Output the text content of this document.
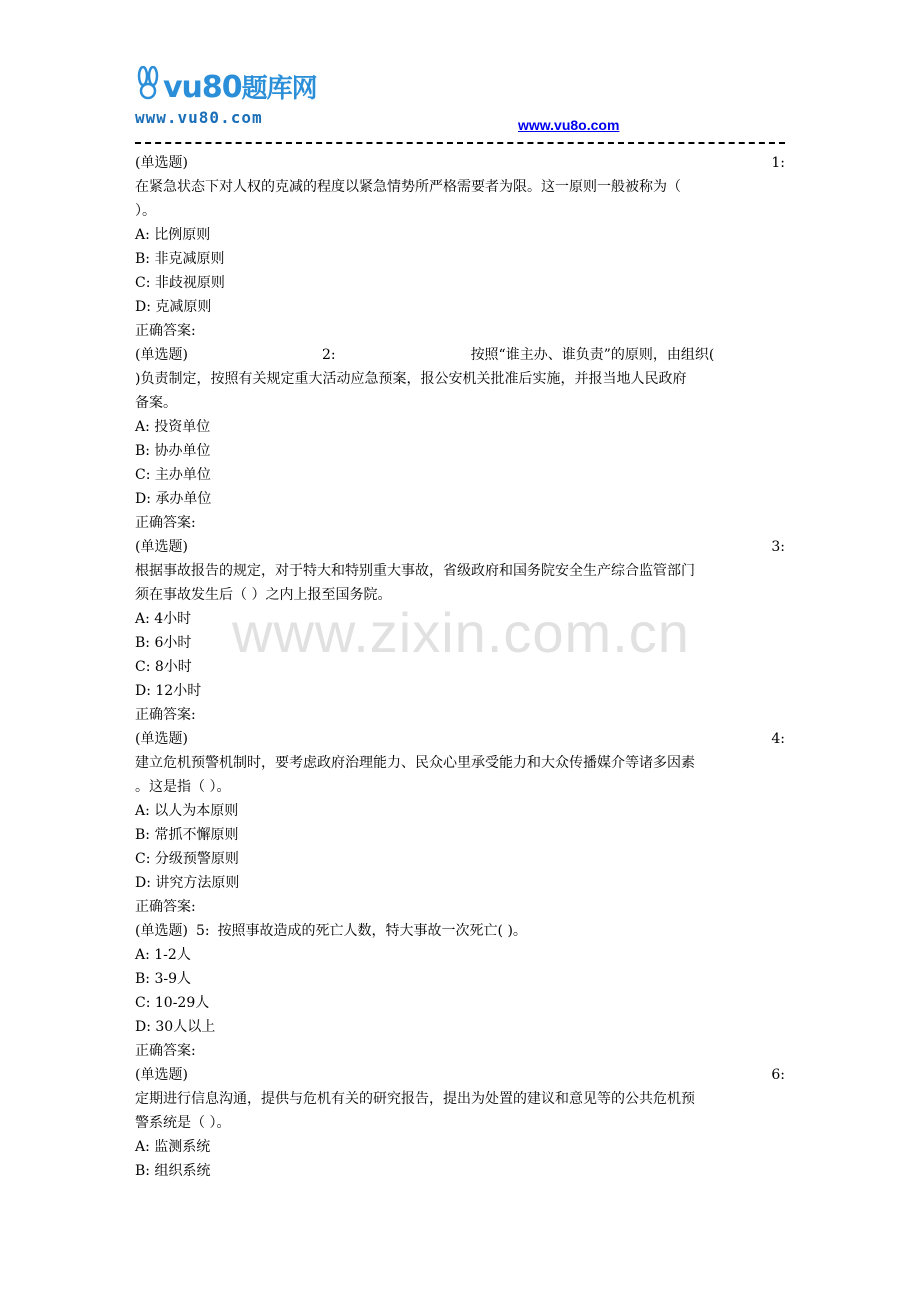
vu80题库网
www.vu80.com	www.vu8o.com
www.zixin.com.cn
(单选题)	1:
在紧急状态下对人权的克减的程度以紧急情势所严格需要者为限。这一原则一般被称为（
）。
A: 比例原则
B: 非克减原则
C: 非歧视原则
D: 克减原则
正确答案:
(单选题)	2:	按照“谁主办、谁负责”的原则，由组织(
)负责制定，按照有关规定重大活动应急预案，报公安机关批准后实施，并报当地人民政府
备案。
A: 投资单位
B: 协办单位
C: 主办单位
D: 承办单位
正确答案:
(单选题)	3:
根据事故报告的规定，对于特大和特别重大事故，省级政府和国务院安全生产综合监管部门
须在事故发生后（ ）之内上报至国务院。
A: 4小时
B: 6小时
C: 8小时
D: 12小时
正确答案:
(单选题)	4:
建立危机预警机制时，要考虑政府治理能力、民众心里承受能力和大众传播媒介等诸多因素
。这是指（ ）。
A: 以人为本原则
B: 常抓不懈原则
C: 分级预警原则
D: 讲究方法原则
正确答案:
(单选题) 5: 按照事故造成的死亡人数，特大事故一次死亡( )。
A: 1-2人
B: 3-9人
C: 10-29人
D: 30人以上
正确答案:
(单选题)	6:
定期进行信息沟通，提供与危机有关的研究报告，提出为处置的建议和意见等的公共危机预
警系统是（ ）。
A: 监测系统
B: 组织系统
